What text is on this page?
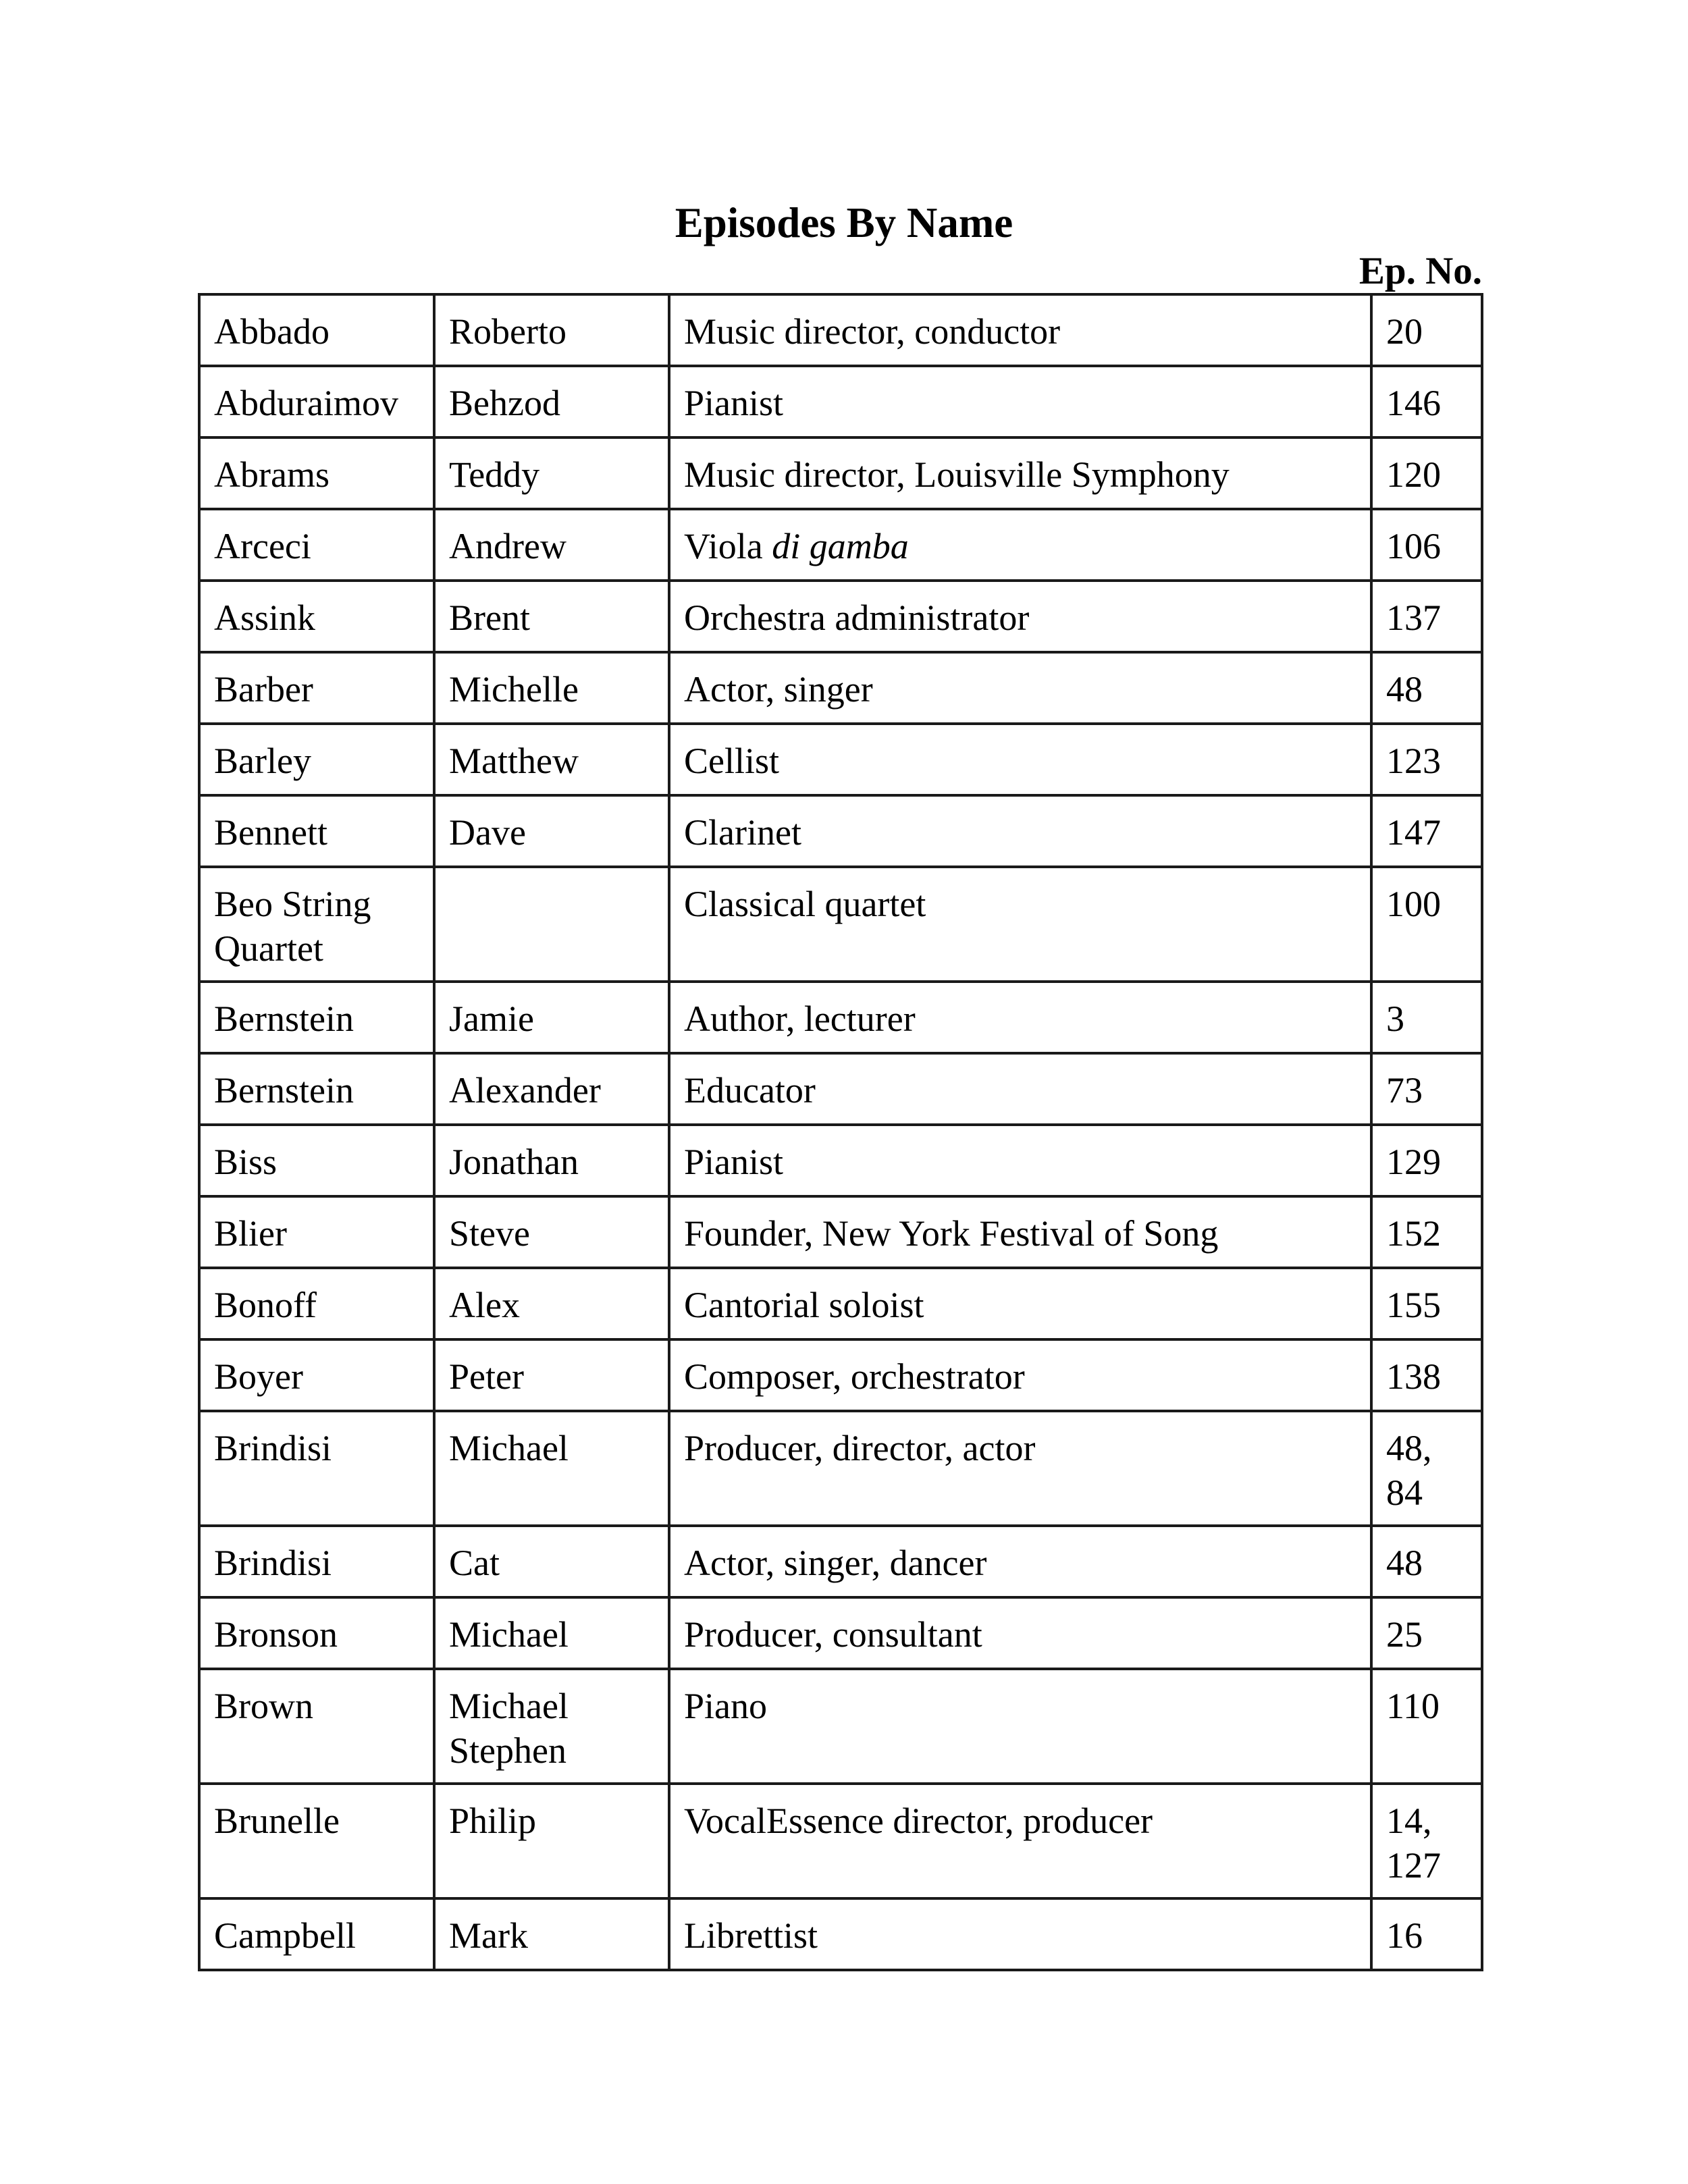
Episodes By Name
Ep. No.
Abbado	Roberto	Music director, conductor	20
Abduraimov	Behzod	Pianist	146
Abrams	Teddy	Music director, Louisville Symphony	120
Arceci	Andrew	Viola di gamba	106
Assink	Brent	Orchestra administrator	137
Barber	Michelle	Actor, singer	48
Barley	Matthew	Cellist	123
Bennett	Dave	Clarinet	147
Beo String Quartet		Classical quartet	100
Bernstein	Jamie	Author, lecturer	3
Bernstein	Alexander	Educator	73
Biss	Jonathan	Pianist	129
Blier	Steve	Founder, New York Festival of Song	152
Bonoff	Alex	Cantorial soloist	155
Boyer	Peter	Composer, orchestrator	138
Brindisi	Michael	Producer, director, actor	48, 84
Brindisi	Cat	Actor, singer, dancer	48
Bronson	Michael	Producer, consultant	25
Brown	Michael Stephen	Piano	110
Brunelle	Philip	VocalEssence director, producer	14, 127
Campbell	Mark	Librettist	16
